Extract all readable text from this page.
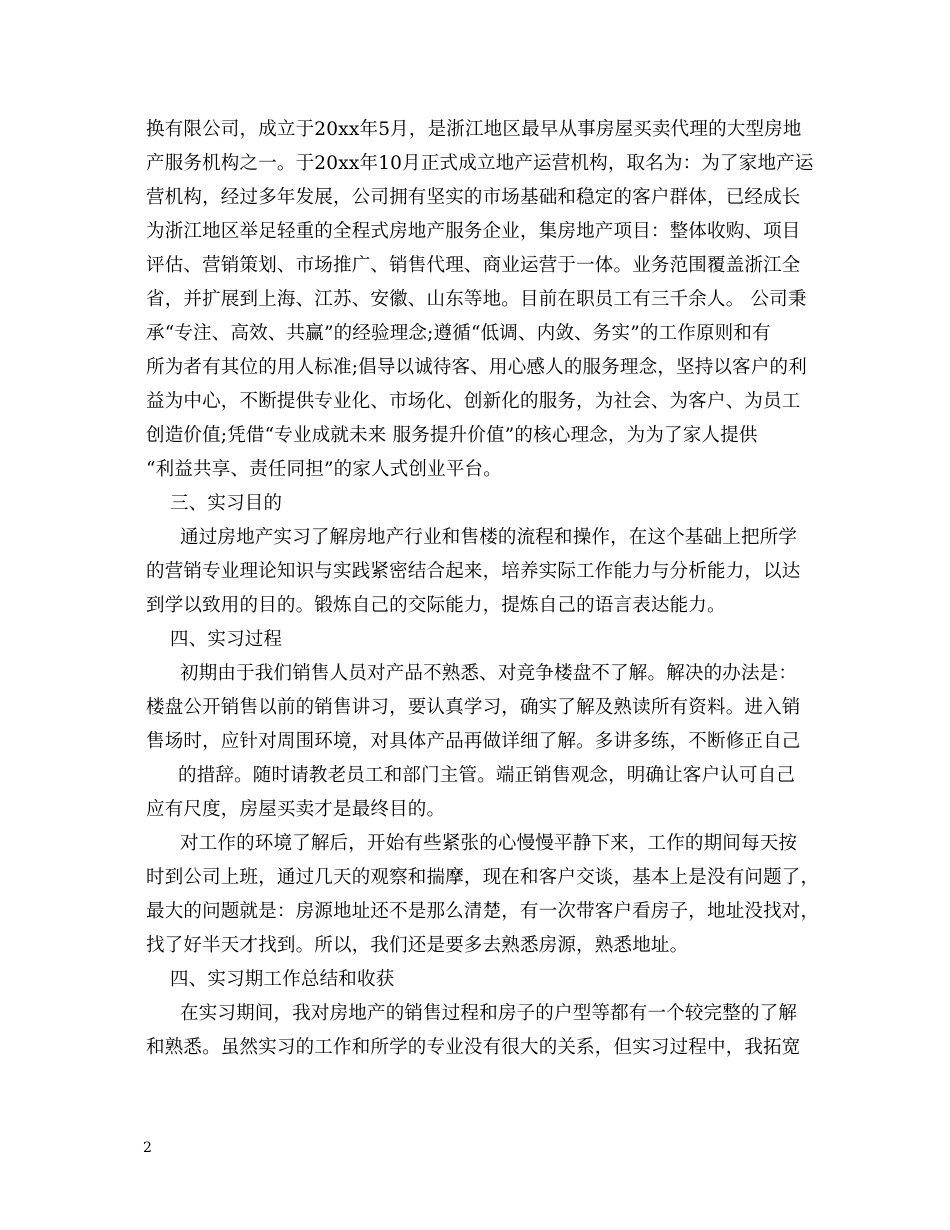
换有限公司，成立于20xx年5月，是浙江地区最早从事房屋买卖代理的大型房地
产服务机构之一。于20xx年10月正式成立地产运营机构，取名为：为了家地产运
营机构，经过多年发展，公司拥有坚实的市场基础和稳定的客户群体，已经成长
为浙江地区举足轻重的全程式房地产服务企业，集房地产项目：整体收购、项目
评估、营销策划、市场推广、销售代理、商业运营于一体。业务范围覆盖浙江全
省，并扩展到上海、江苏、安徽、山东等地。目前在职员工有三千余人。 公司秉
承“专注、高效、共赢”的经验理念;遵循“低调、内敛、务实”的工作原则和有
所为者有其位的用人标准;倡导以诚待客、用心感人的服务理念，坚持以客户的利
益为中心，不断提供专业化、市场化、创新化的服务，为社会、为客户、为员工
创造价值;凭借“专业成就未来 服务提升价值”的核心理念，为为了家人提供
“利益共享、责任同担”的家人式创业平台。
三、实习目的
通过房地产实习了解房地产行业和售楼的流程和操作，在这个基础上把所学
的营销专业理论知识与实践紧密结合起来，培养实际工作能力与分析能力，以达
到学以致用的目的。锻炼自己的交际能力，提炼自己的语言表达能力。
四、实习过程
初期由于我们销售人员对产品不熟悉、对竞争楼盘不了解。解决的办法是：
楼盘公开销售以前的销售讲习，要认真学习，确实了解及熟读所有资料。进入销
售场时，应针对周围环境，对具体产品再做详细了解。多讲多练，不断修正自己
的措辞。随时请教老员工和部门主管。端正销售观念，明确让客户认可自己
应有尺度，房屋买卖才是最终目的。
对工作的环境了解后，开始有些紧张的心慢慢平静下来，工作的期间每天按
时到公司上班，通过几天的观察和揣摩，现在和客户交谈，基本上是没有问题了，
最大的问题就是：房源地址还不是那么清楚，有一次带客户看房子，地址没找对，
找了好半天才找到。所以，我们还是要多去熟悉房源，熟悉地址。
四、实习期工作总结和收获
在实习期间，我对房地产的销售过程和房子的户型等都有一个较完整的了解
和熟悉。虽然实习的工作和所学的专业没有很大的关系，但实习过程中，我拓宽
2
